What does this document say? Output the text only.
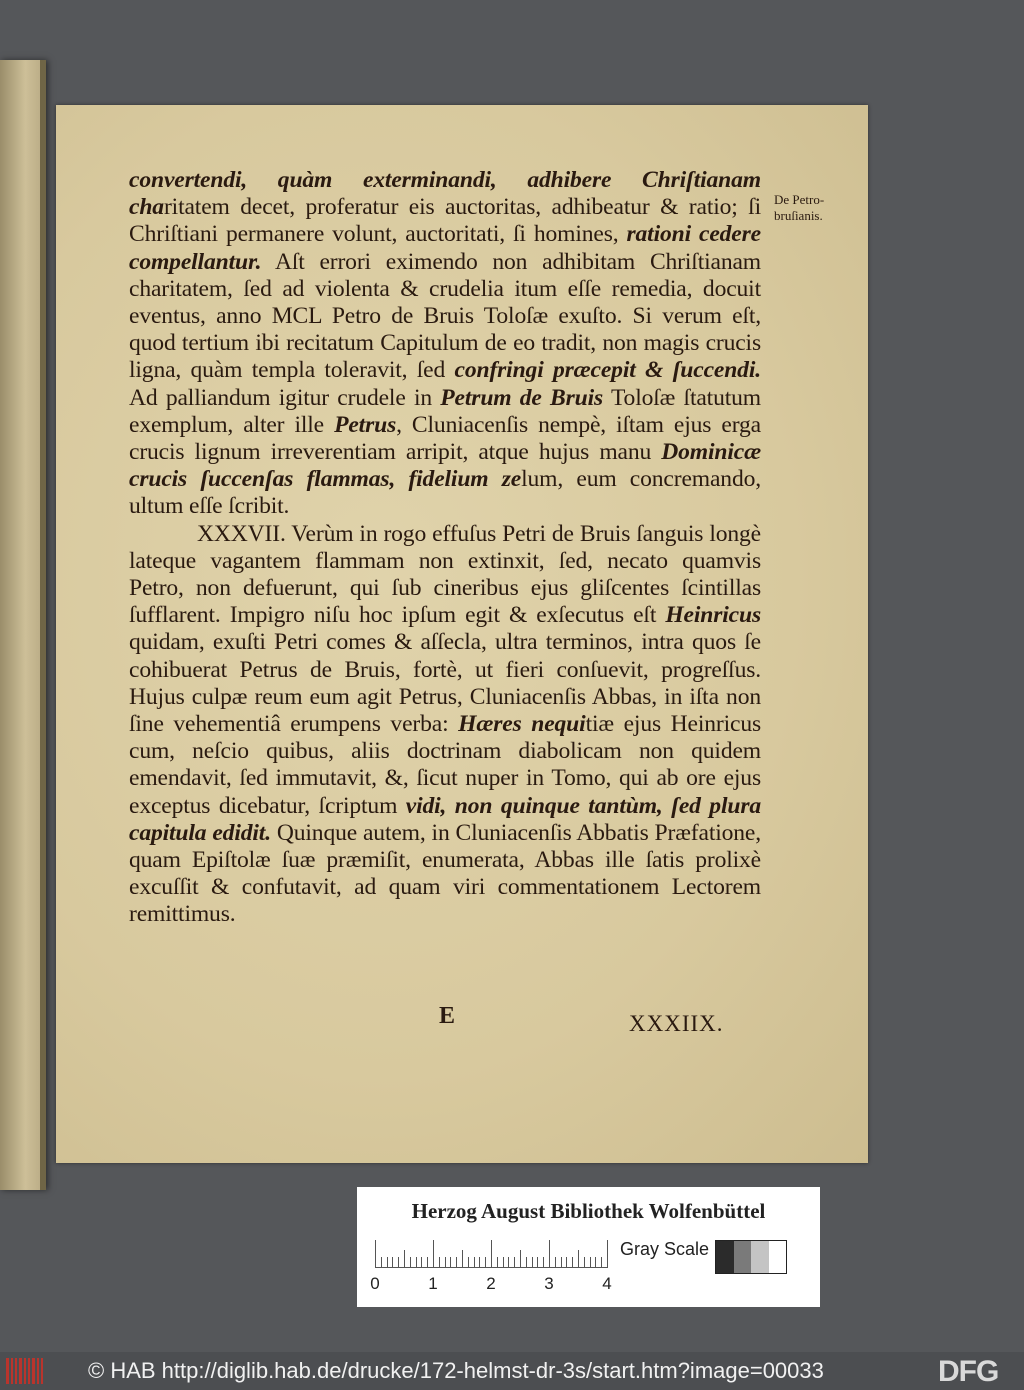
convertendi, quàm exterminandi, adhibere Chriſtianam charitatem decet, proferatur eis auctoritas, adhibeatur & ratio; ſi Chriſtiani permanere volunt, auctoritati, ſi homines, rationi cedere compellantur. Aſt errori eximendo non adhibitam Chriſtianam charitatem, ſed ad violenta & crudelia itum eſſe remedia, docuit eventus, anno MCL Petro de Bruis Toloſæ exuſto. Si verum eſt, quod tertium ibi recitatum Capitulum de eo tradit, non magis crucis ligna, quàm templa toleravit, ſed confringi præcepit & ſuccendi. Ad palliandum igitur crudele in Petrum de Bruis Toloſæ ſtatutum exemplum, alter ille Petrus, Cluniacenſis nempè, iſtam ejus erga crucis lignum irreverentiam arripit, atque hujus manu Dominicæ crucis ſuccenſas flammas, fidelium zelum, eum concremando, ultum eſſe ſcribit.

XXXVII. Verùm in rogo effuſus Petri de Bruis ſanguis longè lateque vagantem flammam non extinxit, ſed, necato quamvis Petro, non defuerunt, qui ſub cineribus ejus gliſcentes ſcintillas ſufflarent. Impigro niſu hoc ipſum egit & exſecutus eſt Heinricus quidam, exuſti Petri comes & aſſecla, ultra terminos, intra quos ſe cohibuerat Petrus de Bruis, fortè, ut fieri conſuevit, progreſſus. Hujus culpæ reum eum agit Petrus, Cluniacenſis Abbas, in iſta non ſine vehementiâ erumpens verba: Hæres nequitiæ ejus Heinricus cum, neſcio quibus, aliis doctrinam diabolicam non quidem emendavit, ſed immutavit, &, ſicut nuper in Tomo, qui ab ore ejus exceptus dicebatur, ſcriptum vidi, non quinque tantùm, ſed plura capitula edidit. Quinque autem, in Cluniacenſis Abbatis Præfatione, quam Epiſtolæ ſuæ præmiſit, enumerata, Abbas ille ſatis prolixè excuſſit & confutavit, ad quam viri commentationem Lectorem remittimus.

De Petro-
bruſianis.
E	XXXIIX.
Herzog August Bibliothek Wolfenbüttel
0	1	2	3	4
Gray Scale
© HAB http://diglib.hab.de/drucke/172-helmst-dr-3s/start.htm?image=00033	DFG
